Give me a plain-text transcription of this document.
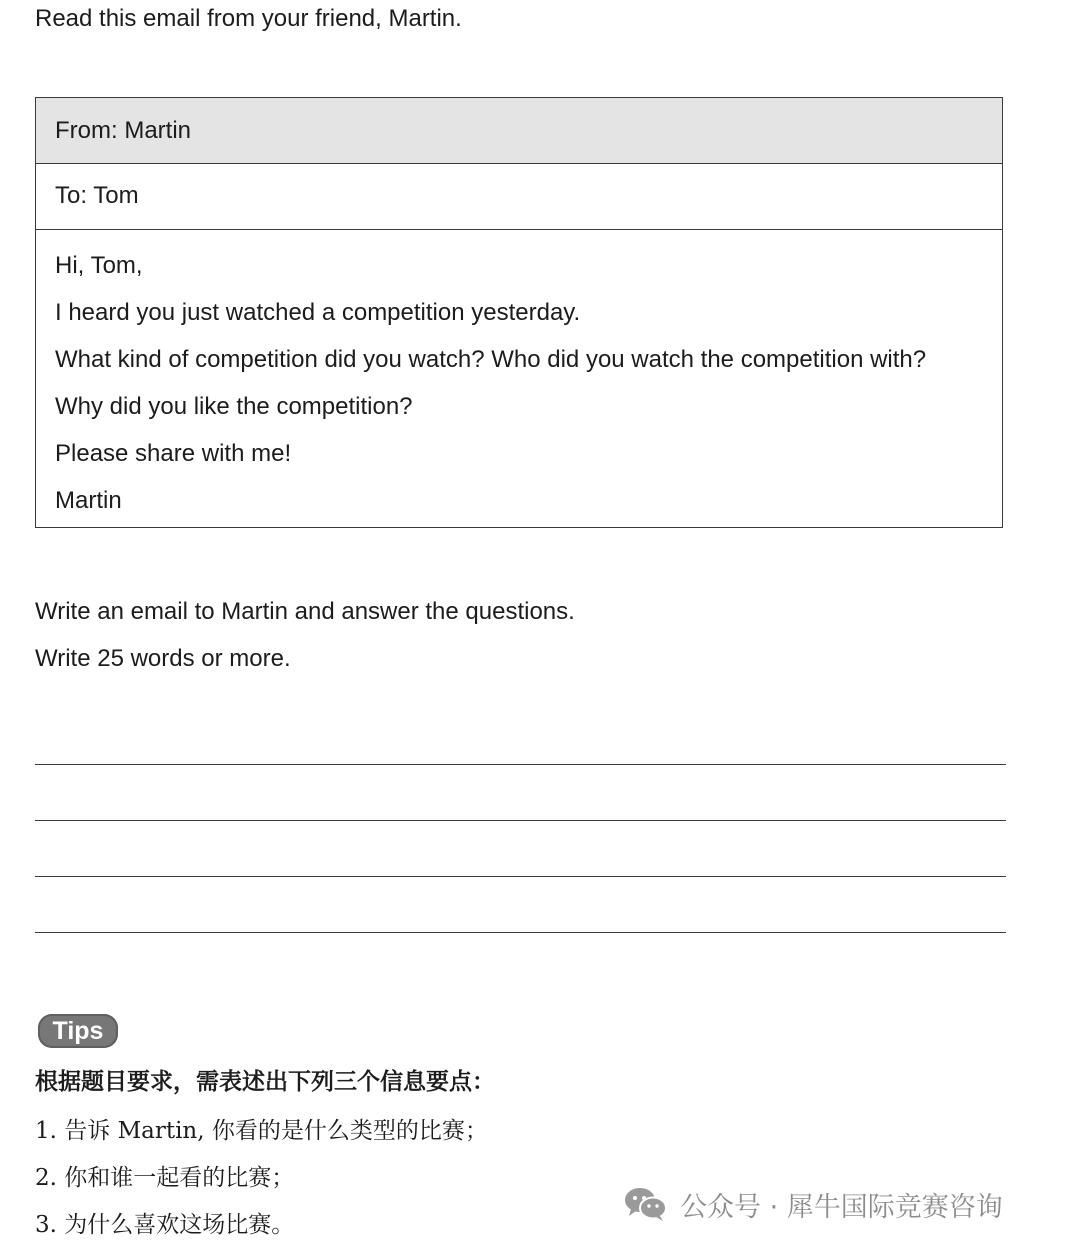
Read this email from your friend, Martin.
From: Martin
To: Tom
Hi, Tom,
I heard you just watched a competition yesterday.
What kind of competition did you watch? Who did you watch the competition with?
Why did you like the competition?
Please share with me!
Martin
Write an email to Martin and answer the questions.
Write 25 words or more.
Tips
根据题目要求，需表述出下列三个信息要点：
1. 告诉 Martin, 你看的是什么类型的比赛；
2. 你和谁一起看的比赛；
3. 为什么喜欢这场比赛。
公众号 · 犀牛国际竞赛咨询
